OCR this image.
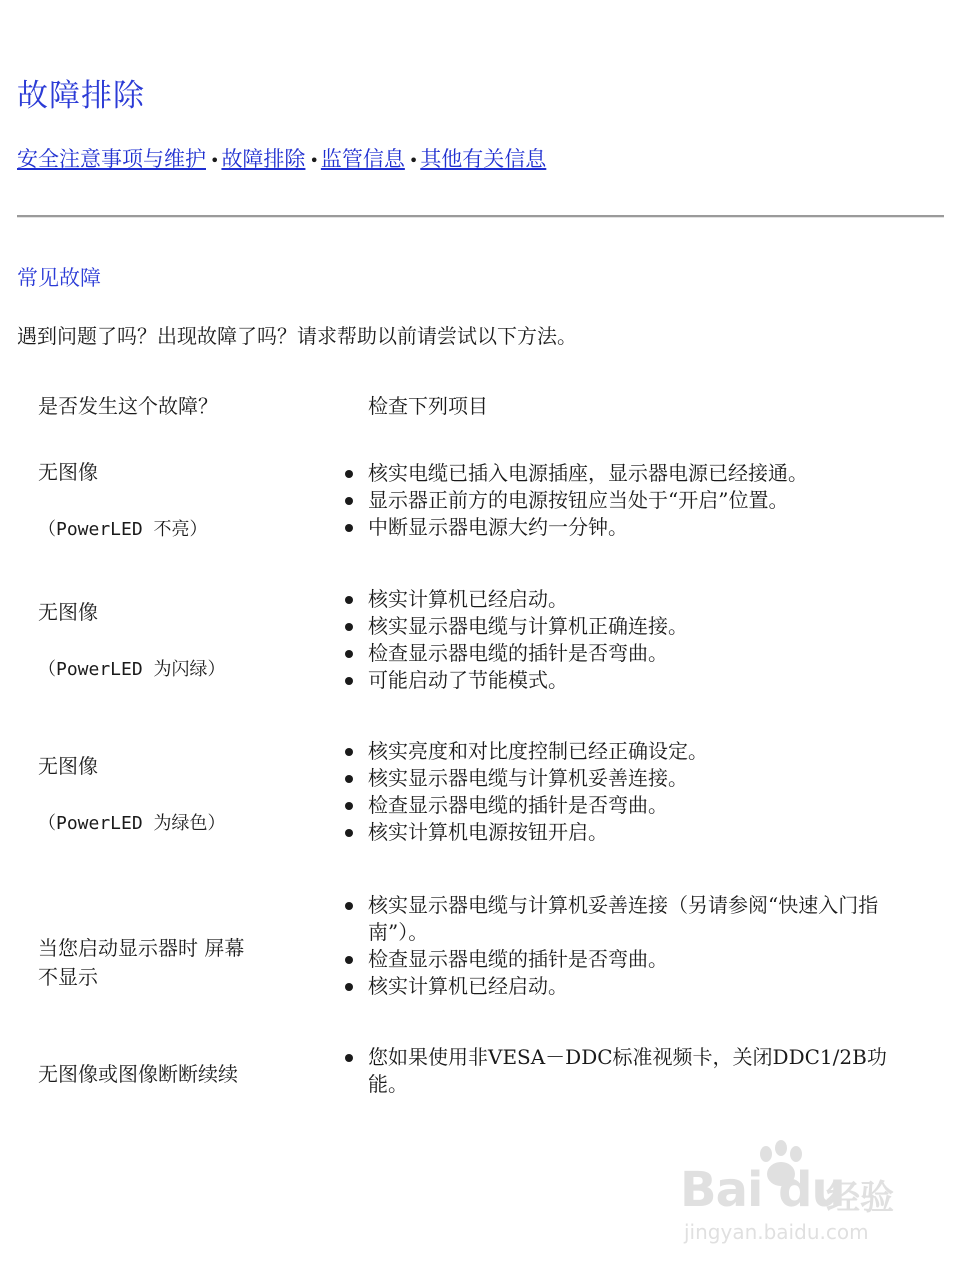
故障排除
安全注意事项与维护 •故障排除 •监管信息 •其他有关信息
常见故障

遇到问题了吗？出现故障了吗？请求帮助以前请尝试以下方法。

是否发生这个故障？	检查下列项目
无图像
（PowerLED 不亮）
核实电缆已插入电源插座，显示器电源已经接通。
显示器正前方的电源按钮应当处于“开启”位置。
中断显示器电源大约一分钟。
无图像
（PowerLED 为闪绿）
核实计算机已经启动。
核实显示器电缆与计算机正确连接。
检查显示器电缆的插针是否弯曲。
可能启动了节能模式。
无图像
（PowerLED 为绿色）
核实亮度和对比度控制已经正确设定。
核实显示器电缆与计算机妥善连接。
检查显示器电缆的插针是否弯曲。
核实计算机电源按钮开启。
当您启动显示器时 屏幕不显示
核实显示器电缆与计算机妥善连接（另请参阅“快速入门指南”）。
检查显示器电缆的插针是否弯曲。
核实计算机已经启动。
无图像或图像断断续续
您如果使用非VESA－DDC标准视频卡，关闭DDC1/2B功能。
Bai du
经验
jingyan.baidu.com
